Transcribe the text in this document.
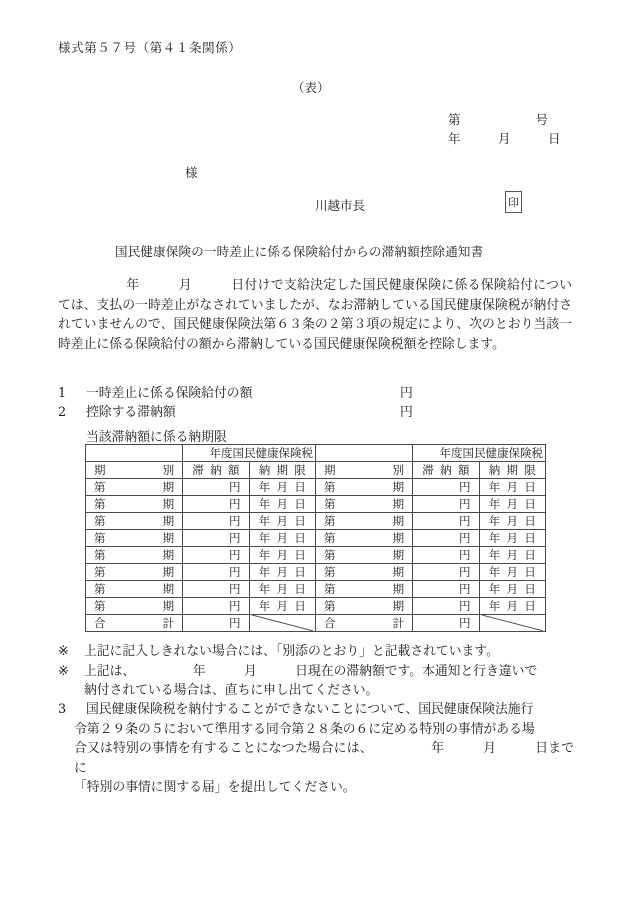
様式第５７号（第４１条関係）
（表）
第　　　　　　号
年　　　月　　　日
様
川越市長	印
国民健康保険の一時差止に係る保険給付からの滞納額控除通知書
年　　　月　　　日付けで支給決定した国民健康保険に係る保険給付については、支払の一時差止がなされていましたが、なお滞納している国民健康保険税が納付されていませんので、国民健康保険法第６３条の２第３項の規定により、次のとおり当該一時差止に係る保険給付の額から滞納している国民健康保険税額を控除します。
1 一時差止に係る保険給付の額	円
2 控除する滞納額	円
当該滞納額に係る納期限
	年度国民健康保険税			年度国民健康保険税	

期 別	滞 納 額	納 期 限	期 別	滞 納 額	納 期 限

第 期	円	年 月 日	第 期	円	年 月 日

第 期	円	年 月 日	第 期	円	年 月 日

第 期	円	年 月 日	第 期	円	年 月 日

第 期	円	年 月 日	第 期	円	年 月 日

第 期	円	年 月 日	第 期	円	年 月 日

第 期	円	年 月 日	第 期	円	年 月 日

第 期	円	年 月 日	第 期	円	年 月 日

第 期	円	年 月 日	第 期	円	年 月 日

合 計	円		合 計	円

※ 上記に記入しきれない場合には、「別添のとおり」と記載されています。
※ 上記は、　　　　　年　　　月　　　日現在の滞納額です。本通知と行き違いで
納付されている場合は、直ちに申し出てください。
3 国民健康保険税を納付することができないことについて、国民健康保険法施行
令第２９条の５において準用する同令第２８条の６に定める特別の事情がある場
合又は特別の事情を有することになつた場合には、　　　　　年　　　月　　　日までに
「特別の事情に関する届」を提出してください。
